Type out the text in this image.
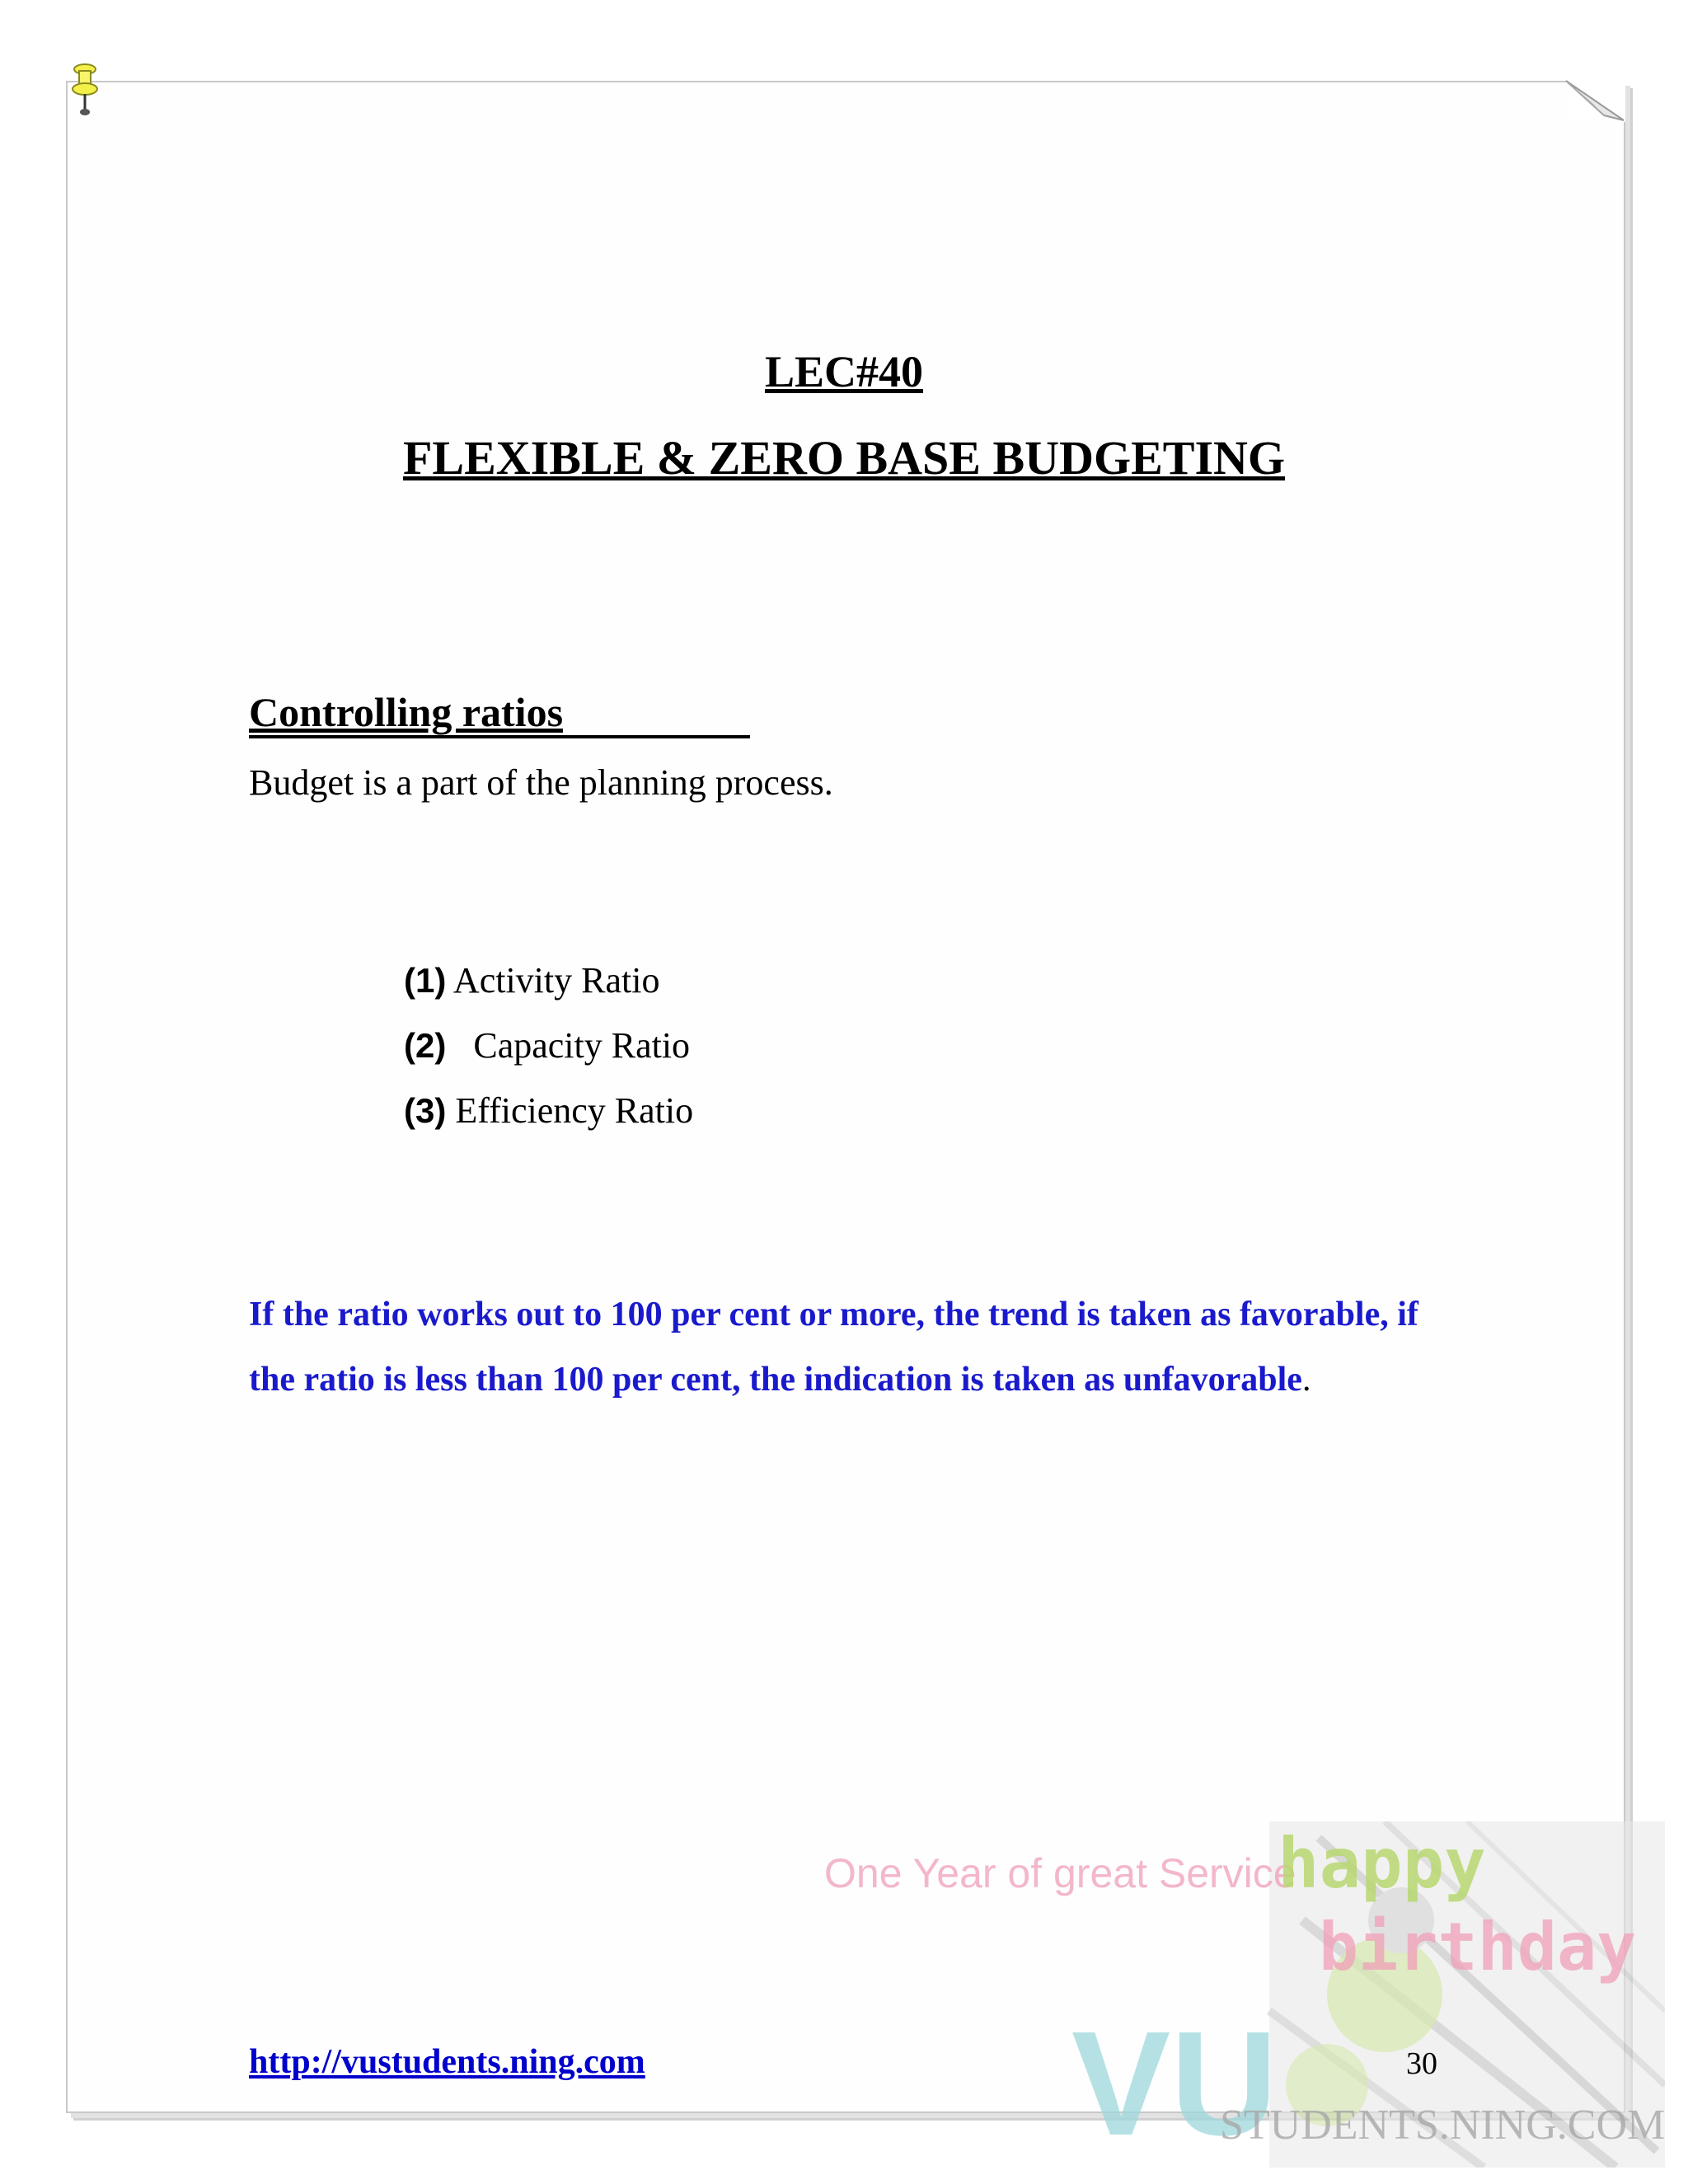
LEC#40
FLEXIBLE & ZERO BASE BUDGETING
Controlling ratios

Budget is a part of the planning process.

(1) Activity Ratio
(2) Capacity Ratio
(3) Efficiency Ratio

If the ratio works out to 100 per cent or more, the trend is taken as favorable, if the ratio is less than 100 per cent, the indication is taken as unfavorable.

One Year of great Service
happy
birthday
VU
STUDENTS.NING.COM
http://vustudents.ning.com	30
